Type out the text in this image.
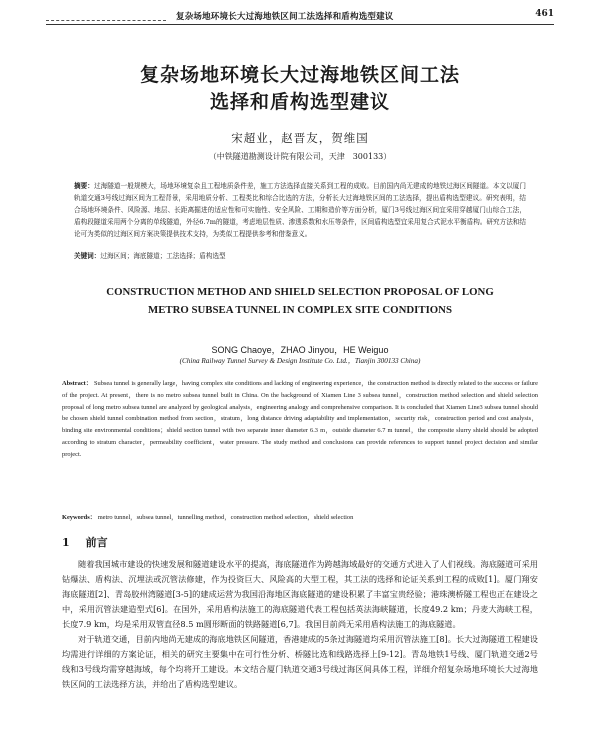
复杂场地环境长大过海地铁区间工法选择和盾构选型建议	461
复杂场地环境长大过海地铁区间工法
选择和盾构选型建议
宋超业，赵晋友，贺维国
（中铁隧道勘测设计院有限公司，天津　300133）
摘要：过海隧道一般规模大，场地环境复杂且工程地质条件差，施工方法选择直接关系到工程的成败。目前国内尚无建成的地铁过海区间隧道。本文以厦门轨道交通3号线过海区间为工程背景，采用地质分析、工程类比和综合比选的方法，分析长大过海地铁区间的工法选择，提出盾构选型建议。研究表明，结合场地环境条件、风险源、地层、长距离掘进的适应性和可实施性、安全风险、工期和造价等方面分析，厦门3号线过海区间宜采用穿越厦门山综合工法，盾构段隧道采用两个分离的单线隧道，外径6.7m的隧道，考虑地层性质、渗透系数和水压等条件，区间盾构选型宜采用复合式泥水平衡盾构。研究方法和结论可为类似的过海区间方案决策提供技术支持，为类似工程提供参考和借鉴意义。
关键词：过海区间；海底隧道；工法选择；盾构选型
CONSTRUCTION METHOD AND SHIELD SELECTION PROPOSAL OF LONG
METRO SUBSEA TUNNEL IN COMPLEX SITE CONDITIONS
SONG Chaoye，ZHAO Jinyou，HE Weiguo
(China Railway Tunnel Survey & Design Institute Co. Ltd.，Tianjin 300133 China)
Abstract： Subsea tunnel is generally large，having complex site conditions and lacking of engineering experience，the construction method is directly related to the success or failure of the project. At present，there is no metro subsea tunnel built in China. On the background of Xiamen Line 3 subsea tunnel，construction method selection and shield selection proposal of long metro subsea tunnel are analyzed by geological analysis，engineering analogy and comprehensive comparison. It is concluded that Xiamen Line3 subsea tunnel should be chosen shield tunnel combination method from section，stratum，long distance driving adaptability and implementation，security risk，construction period and cost analysis，binding site environmental conditions；shield section tunnel with two separate inner diameter 6.3 m，outside diameter 6.7 m tunnel，the composite slurry shield should be adopted according to stratum character，permeability coefficient，water pressure. The study method and conclusions can provide references to support tunnel project decision and similar project.
Keywords： metro tunnel，subsea tunnel，tunnelling method，construction method selection，shield selection
1 前言

随着我国城市建设的快速发展和隧道建设水平的提高，海底隧道作为跨越海域最好的交通方式进入了人们视线。海底隧道可采用钻爆法、盾构法、沉埋法或沉管法修建，作为投资巨大、风险高的大型工程，其工法的选择和论证关系到工程的成败[1]。厦门翔安海底隧道[2]、青岛胶州湾隧道[3-5]的建成运营为我国沿海地区海底隧道的建设积累了丰富宝贵经验；港珠澳桥隧工程也正在建设之中，采用沉管法建造型式[6]。在国外，采用盾构法施工的海底隧道代表工程包括英法海峡隧道，长度49.2 km；丹麦大海峡工程，长度7.9 km，均是采用双管直径8.5 m圆形断面的铁路隧道[6,7]。我国目前尚无采用盾构法施工的海底隧道。

对于轨道交通，目前内地尚无建成的海底地铁区间隧道，香港建成的5条过海隧道均采用沉管法施工[8]。长大过海隧道工程建设均需进行详细的方案论证，相关的研究主要集中在可行性分析、桥隧比选和线路选择上[9-12]。青岛地铁1号线、厦门轨道交通2号线和3号线均需穿越海域，每个均将开工建设。本文结合厦门轨道交通3号线过海区间具体工程，详细介绍复杂场地环境长大过海地铁区间的工法选择方法，并给出了盾构选型建议。
